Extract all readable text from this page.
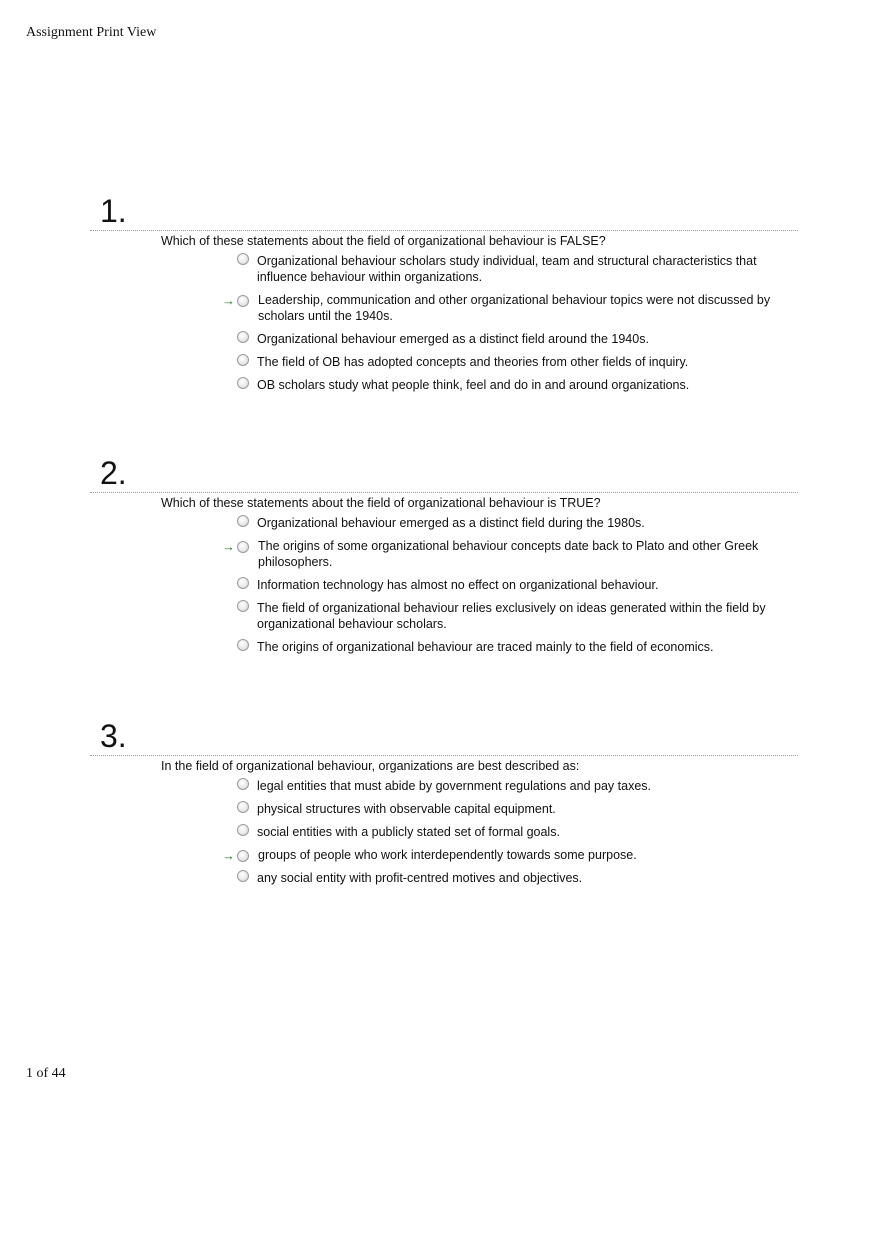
Assignment Print View
1.
Which of these statements about the field of organizational behaviour is FALSE?
Organizational behaviour scholars study individual, team and structural characteristics that influence behaviour within organizations.
→ Leadership, communication and other organizational behaviour topics were not discussed by scholars until the 1940s.
Organizational behaviour emerged as a distinct field around the 1940s.
The field of OB has adopted concepts and theories from other fields of inquiry.
OB scholars study what people think, feel and do in and around organizations.
2.
Which of these statements about the field of organizational behaviour is TRUE?
Organizational behaviour emerged as a distinct field during the 1980s.
→ The origins of some organizational behaviour concepts date back to Plato and other Greek philosophers.
Information technology has almost no effect on organizational behaviour.
The field of organizational behaviour relies exclusively on ideas generated within the field by organizational behaviour scholars.
The origins of organizational behaviour are traced mainly to the field of economics.
3.
In the field of organizational behaviour, organizations are best described as:
legal entities that must abide by government regulations and pay taxes.
physical structures with observable capital equipment.
social entities with a publicly stated set of formal goals.
→ groups of people who work interdependently towards some purpose.
any social entity with profit-centred motives and objectives.
1 of 44
